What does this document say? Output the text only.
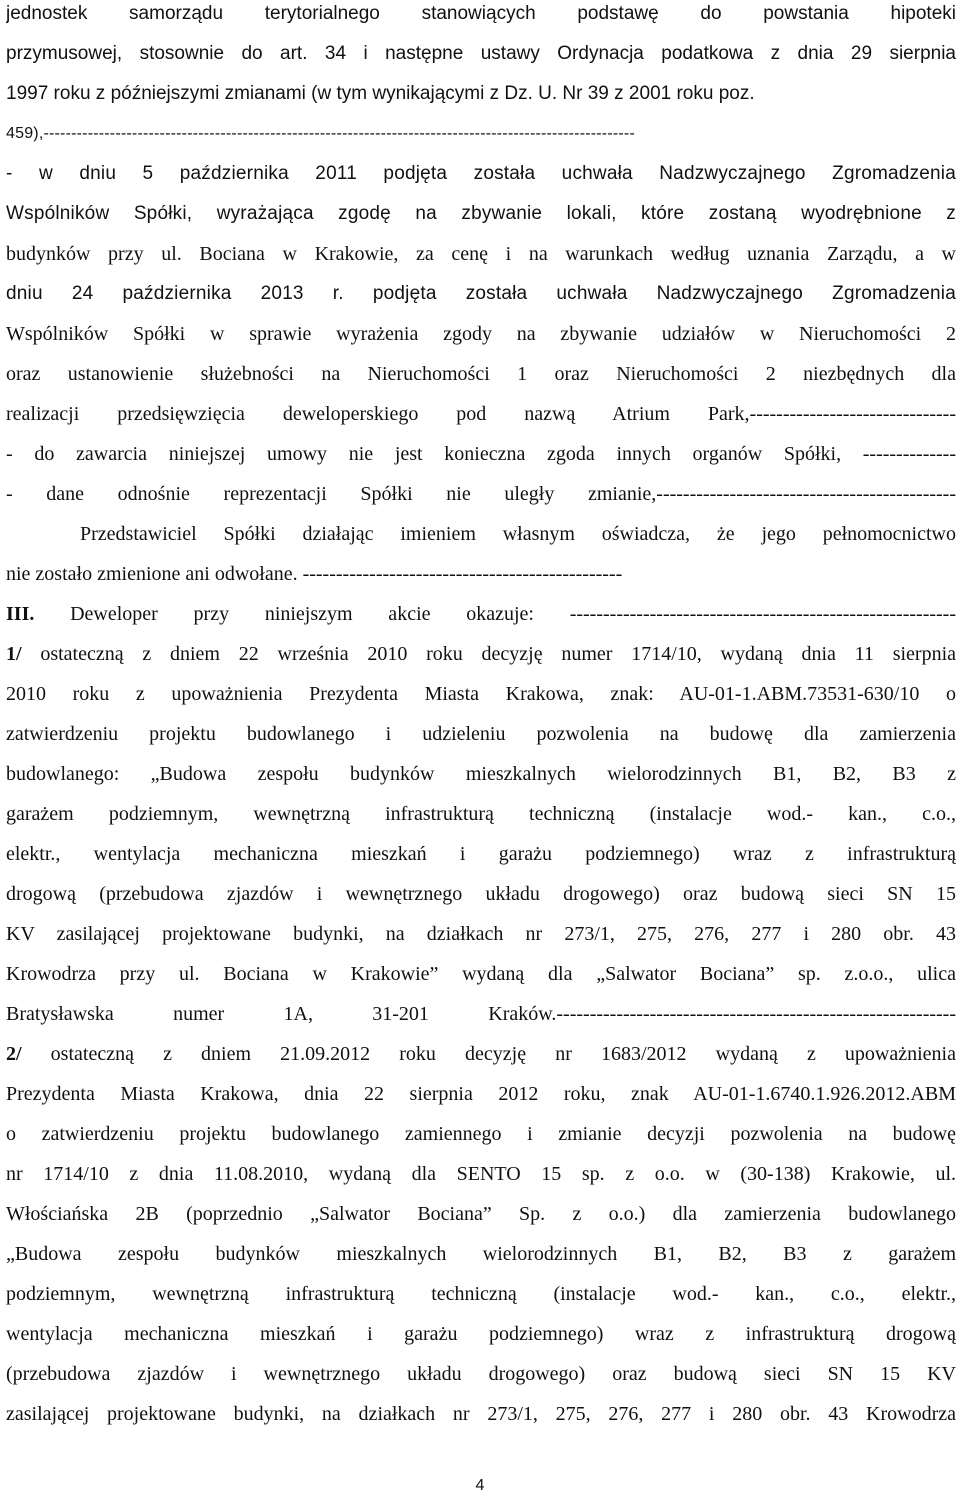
jednostek samorządu terytorialnego stanowiących podstawę do powstania hipoteki
przymusowej, stosownie do art. 34 i następne ustawy Ordynacja podatkowa z dnia 29 sierpnia
1997 roku z późniejszymi zmianami (w tym wynikającymi z Dz. U. Nr 39 z 2001 roku poz.
459),-----------------------------------------------------------------------------------------------------------
- w dniu 5 października 2011 podjęta została uchwała Nadzwyczajnego Zgromadzenia
Wspólników Spółki, wyrażająca zgodę na zbywanie lokali, które zostaną wyodrębnione z
budynków przy ul. Bociana w Krakowie, za cenę i na warunkach według uznania Zarządu, a w
dniu 24 października 2013 r. podjęta została uchwała Nadzwyczajnego Zgromadzenia
Wspólników Spółki w sprawie wyrażenia zgody na zbywanie udziałów w Nieruchomości 2
oraz ustanowienie służebności na Nieruchomości 1 oraz Nieruchomości 2 niezbędnych dla
realizacji przedsięwzięcia deweloperskiego pod nazwą Atrium Park,-------------------------------
- do zawarcia niniejszej umowy nie jest konieczna zgoda innych organów Spółki, --------------
- dane odnośnie reprezentacji Spółki nie uległy zmianie,---------------------------------------------
Przedstawiciel Spółki działając imieniem własnym oświadcza, że jego pełnomocnictwo
nie zostało zmienione ani odwołane. ------------------------------------------------
III. Deweloper przy niniejszym akcie okazuje: ----------------------------------------------------------
1/ ostateczną z dniem 22 września 2010 roku decyzję numer 1714/10, wydaną dnia 11 sierpnia
2010 roku z upoważnienia Prezydenta Miasta Krakowa, znak: AU-01-1.ABM.73531-630/10 o
zatwierdzeniu projektu budowlanego i udzieleniu pozwolenia na budowę dla zamierzenia
budowlanego: „Budowa zespołu budynków mieszkalnych wielorodzinnych B1, B2, B3 z
garażem podziemnym, wewnętrzną infrastrukturą techniczną (instalacje wod.- kan., c.o.,
elektr., wentylacja mechaniczna mieszkań i garażu podziemnego) wraz z infrastrukturą
drogową (przebudowa zjazdów i wewnętrznego układu drogowego) oraz budową sieci SN 15
KV zasilającej projektowane budynki, na działkach nr 273/1, 275, 276, 277 i 280 obr. 43
Krowodrza przy ul. Bociana w Krakowie” wydaną dla „Salwator Bociana” sp. z.o.o., ulica
Bratysławska numer 1A, 31-201 Kraków.------------------------------------------------------------
2/ ostateczną z dniem 21.09.2012 roku decyzję nr 1683/2012 wydaną z upoważnienia
Prezydenta Miasta Krakowa, dnia 22 sierpnia 2012 roku, znak AU-01-1.6740.1.926.2012.ABM
o zatwierdzeniu projektu budowlanego zamiennego i zmianie decyzji pozwolenia na budowę
nr 1714/10 z dnia 11.08.2010, wydaną dla SENTO 15 sp. z o.o. w (30-138) Krakowie, ul.
Włościańska 2B (poprzednio „Salwator Bociana” Sp. z o.o.) dla zamierzenia budowlanego
„Budowa zespołu budynków mieszkalnych wielorodzinnych B1, B2, B3 z garażem
podziemnym, wewnętrzną infrastrukturą techniczną (instalacje wod.- kan., c.o., elektr.,
wentylacja mechaniczna mieszkań i garażu podziemnego) wraz z infrastrukturą drogową
(przebudowa zjazdów i wewnętrznego układu drogowego) oraz budową sieci SN 15 KV
zasilającej projektowane budynki, na działkach nr 273/1, 275, 276, 277 i 280 obr. 43 Krowodrza
4
